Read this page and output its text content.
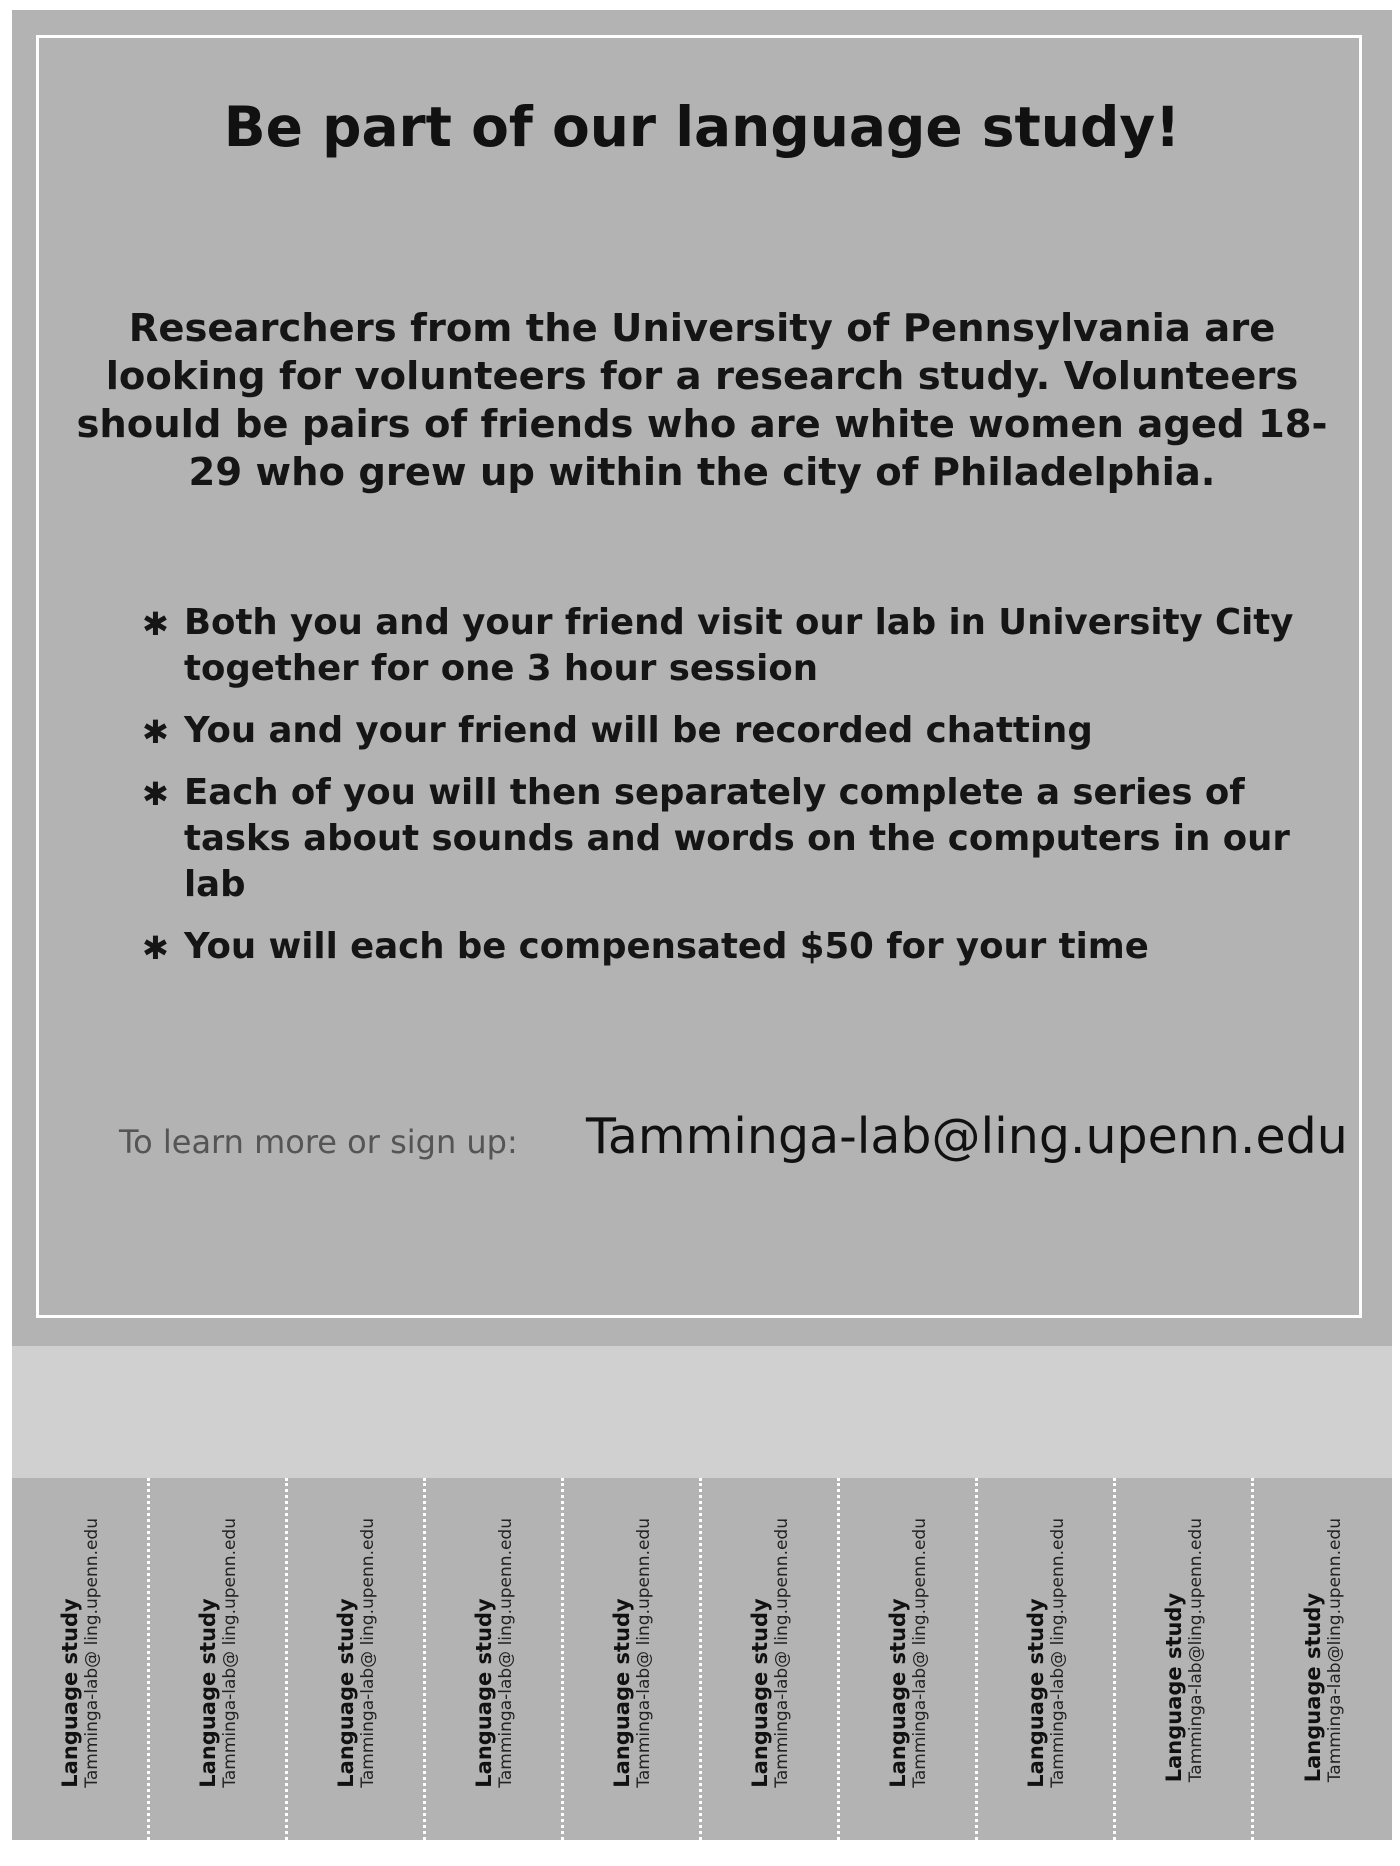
Be part of our language study!

Researchers from the University of Pennsylvania are looking for volunteers for a research study. Volunteers should be pairs of friends who are white women aged 18-29 who grew up within the city of Philadelphia.

✱ Both you and your friend visit our lab in University City together for one 3 hour session
✱ You and your friend will be recorded chatting
✱ Each of you will then separately complete a series of tasks about sounds and words on the computers in our lab
✱ You will each be compensated $50 for your time

To learn more or sign up: Tamminga-lab@ling.upenn.edu
Language study Tamminga-lab@ ling.upenn.edu	Language study Tamminga-lab@ ling.upenn.edu	Language study Tamminga-lab@ ling.upenn.edu	Language study Tamminga-lab@ ling.upenn.edu	Language study Tamminga-lab@ ling.upenn.edu	Language study Tamminga-lab@ ling.upenn.edu	Language study Tamminga-lab@ ling.upenn.edu	Language study Tamminga-lab@ ling.upenn.edu	Language study Tamminga-lab@ling.upenn.edu	Language study Tamminga-lab@ling.upenn.edu
